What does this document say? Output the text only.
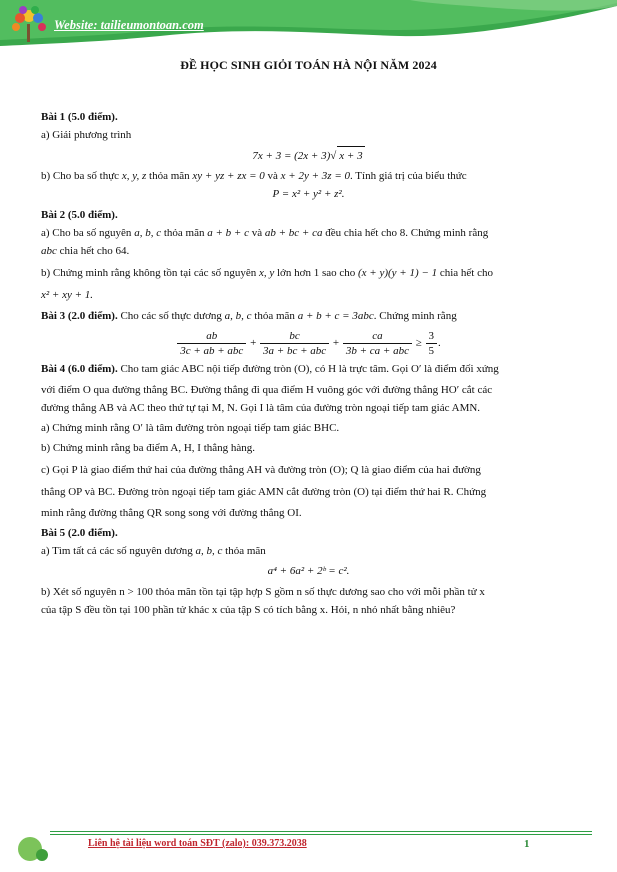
Website: tailieumontoan.com
ĐỀ HỌC SINH GIỎI TOÁN HÀ NỘI NĂM 2024

Bài 1 (5.0 điểm).

a) Giải phương trình

7x + 3 = (2x + 3)√ x + 3

b) Cho ba số thực x, y, z thỏa mãn xy + yz + zx = 0 và x + 2y + 3z = 0. Tính giá trị của biểu thức

P = x² + y² + z².

Bài 2 (5.0 điểm).

a) Cho ba số nguyên a, b, c thỏa mãn a + b + c và ab + bc + ca đều chia hết cho 8. Chứng minh rằng

abc chia hết cho 64.

b) Chứng minh rằng không tồn tại các số nguyên x, y lớn hơn 1 sao cho (x + y)(y + 1) − 1 chia hết cho

x² + xy + 1.

Bài 3 (2.0 điểm). Cho các số thực dương a, b, c thỏa mãn a + b + c = 3abc. Chứng minh rằng

$\frac{ab}{\text{3c + ab + abc}} + \frac{bc}{\text{3a + bc + abc}} + \frac{ca}{\text{3b + ca + abc}} \ge \frac{3}{5}$ .

Bài 4 (6.0 điểm). Cho tam giác ABC nội tiếp đường tròn (O), có H là trực tâm. Gọi O′ là điểm đối xứng

với điểm O qua đường thẳng BC. Đường thẳng đi qua điểm H vuông góc với đường thẳng HO′ cắt các

đường thẳng AB và AC theo thứ tự tại M, N. Gọi I là tâm của đường tròn ngoại tiếp tam giác AMN.

a) Chứng minh rằng O′ là tâm đường tròn ngoại tiếp tam giác BHC.

b) Chứng minh rằng ba điểm A, H, I thẳng hàng.

c) Gọi P là giao điểm thứ hai của đường thẳng AH và đường tròn (O); Q là giao điểm của hai đường

thẳng OP và BC. Đường tròn ngoại tiếp tam giác AMN cắt đường tròn (O) tại điểm thứ hai R. Chứng

minh rằng đường thẳng QR song song với đường thẳng OI.

Bài 5 (2.0 điểm).

a) Tìm tất cả các số nguyên dương a, b, c thỏa mãn

a⁴ + 6a² + 2ᵇ = c².

b) Xét số nguyên n > 100 thỏa mãn tồn tại tập hợp S gồm n số thực dương sao cho với mỗi phần tử x

của tập S đều tồn tại 100 phần tử khác x của tập S có tích bằng x. Hỏi, n nhỏ nhất bằng nhiêu?

Liên hệ tài liệu word toán SĐT (zalo): 039.373.2038	1
